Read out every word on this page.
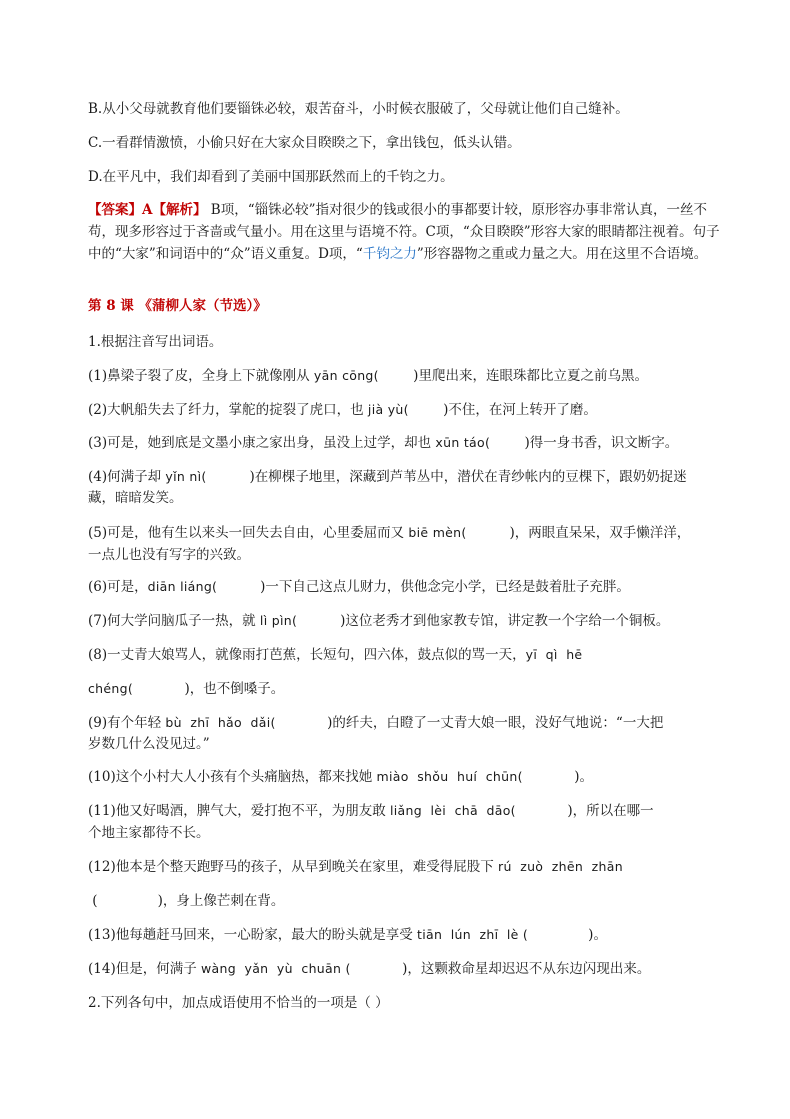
B.从小父母就教育他们要锱铢必较，艰苦奋斗，小时候衣服破了，父母就让他们自己缝补。
C.一看群情激愤，小偷只好在大家众目睽睽之下，拿出钱包，低头认错。
D.在平凡中，我们却看到了美丽中国那跃然而上的千钧之力。
【答案】A【解析】 B项，“锱铢必较”指对很少的钱或很小的事都要计较，原形容办事非常认真，一丝不苟，现多形容过于吝啬或气量小。用在这里与语境不符。C项，“众目睽睽”形容大家的眼睛都注视着。句子中的“大家”和词语中的“众”语义重复。D项，“千钧之力”形容器物之重或力量之大。用在这里不合语境。
第 8 课 《蒲柳人家（节选）》
1.根据注音写出词语。
(1)鼻梁子裂了皮，全身上下就像刚从 yān cōng(        )里爬出来，连眼珠都比立夏之前乌黑。
(2)大帆船失去了纤力，掌舵的掟裂了虎口，也 jià yù(        )不住，在河上转开了磨。
(3)可是，她到底是文墨小康之家出身，虽没上过学，却也 xūn táo(        )得一身书香，识文断字。
(4)何满子却 yǐn nì(          )在柳棵子地里，深藏到芦苇丛中，潜伏在青纱帐内的豆棵下，跟奶奶捉迷
藏，暗暗发笑。
(5)可是，他有生以来头一回失去自由，心里委屈而又 biē mèn(          )，两眼直呆呆，双手懒洋洋，
一点儿也没有写字的兴致。
(6)可是，diān liáng(          )一下自己这点儿财力，供他念完小学，已经是鼓着肚子充胖。
(7)何大学问脑瓜子一热，就 lì pìn(          )这位老秀才到他家教专馆，讲定教一个字给一个铜板。
(8)一丈青大娘骂人，就像雨打芭蕉，长短句，四六体，鼓点似的骂一天，yī  qì  hē
chéng(            )，也不倒嗓子。
(9)有个年轻 bù  zhī  hǎo  dǎi(            )的纤夫，白瞪了一丈青大娘一眼，没好气地说：“一大把
岁数几什么没见过。”
(10)这个小村大人小孩有个头痛脑热，都来找她 miào  shǒu  huí  chūn(            )。
(11)他又好喝酒，脾气大，爱打抱不平，为朋友敢 liǎng  lèi  chā  dāo(            )，所以在哪一
个地主家都待不长。
(12)他本是个整天跑野马的孩子，从早到晚关在家里，难受得屁股下 rú  zuò  zhēn  zhān
(              )，身上像芒刺在背。
(13)他每趟赶马回来，一心盼家，最大的盼头就是享受 tiān  lún  zhī  lè (              )。
(14)但是，何满子 wàng  yǎn  yù  chuān (            )，这颗救命星却迟迟不从东边闪现出来。
2.下列各句中，加点成语使用不恰当的一项是（ ）
